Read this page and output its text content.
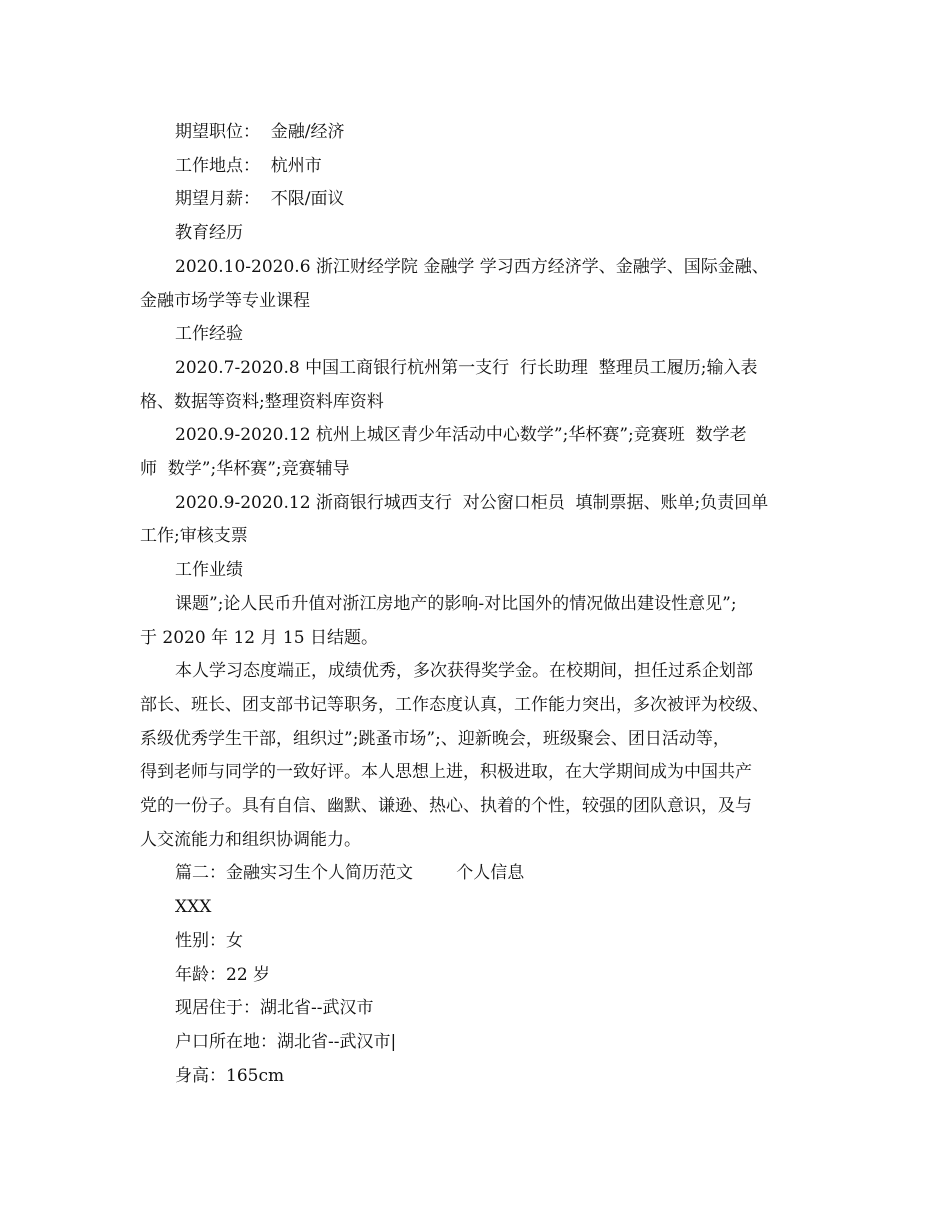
期望职位：  金融/经济

工作地点：  杭州市

期望月薪：  不限/面议

教育经历

2020.10-2020.6 浙江财经学院 金融学 学习西方经济学、金融学、国际金融、

金融市场学等专业课程

工作经验

2020.7-2020.8 中国工商银行杭州第一支行  行长助理  整理员工履历;输入表

格、数据等资料;整理资料库资料

2020.9-2020.12 杭州上城区青少年活动中心数学”;华杯赛”;竞赛班  数学老

师  数学”;华杯赛”;竞赛辅导

2020.9-2020.12 浙商银行城西支行  对公窗口柜员  填制票据、账单;负责回单

工作;审核支票

工作业绩

课题”;论人民币升值对浙江房地产的影响-对比国外的情况做出建设性意见”;

于 2020 年 12 月 15 日结题。

本人学习态度端正，成绩优秀，多次获得奖学金。在校期间，担任过系企划部

部长、班长、团支部书记等职务，工作态度认真，工作能力突出，多次被评为校级、

系级优秀学生干部，组织过”;跳蚤市场”;、迎新晚会，班级聚会、团日活动等，

得到老师与同学的一致好评。本人思想上进，积极进取，在大学期间成为中国共产

党的一份子。具有自信、幽默、谦逊、热心、执着的个性，较强的团队意识，及与

人交流能力和组织协调能力。

篇二：金融实习生个人简历范文        个人信息

XXX

性别：女

年龄：22 岁

现居住于：湖北省--武汉市

户口所在地：湖北省--武汉市|

身高：165cm
